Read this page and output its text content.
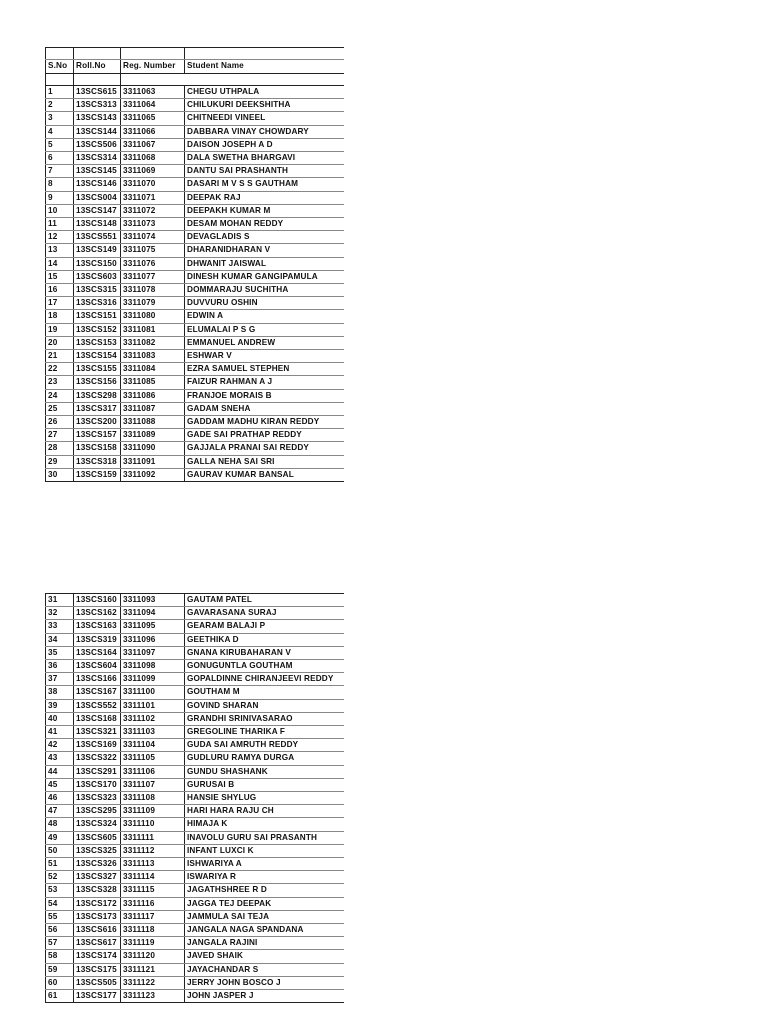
S.No	Roll.No	Reg. Number	Student Name

1	13SCS615	3311063	CHEGU UTHPALA
2	13SCS313	3311064	CHILUKURI DEEKSHITHA
3	13SCS143	3311065	CHITNEEDI VINEEL
4	13SCS144	3311066	DABBARA VINAY CHOWDARY
5	13SCS506	3311067	DAISON JOSEPH A D
6	13SCS314	3311068	DALA SWETHA BHARGAVI
7	13SCS145	3311069	DANTU SAI PRASHANTH
8	13SCS146	3311070	DASARI M V S S GAUTHAM
9	13SCS004	3311071	DEEPAK RAJ
10	13SCS147	3311072	DEEPAKH KUMAR M
11	13SCS148	3311073	DESAM MOHAN REDDY
12	13SCS551	3311074	DEVAGLADIS S
13	13SCS149	3311075	DHARANIDHARAN V
14	13SCS150	3311076	DHWANIT JAISWAL
15	13SCS603	3311077	DINESH KUMAR GANGIPAMULA
16	13SCS315	3311078	DOMMARAJU SUCHITHA
17	13SCS316	3311079	DUVVURU OSHIN
18	13SCS151	3311080	EDWIN A
19	13SCS152	3311081	ELUMALAI P S G
20	13SCS153	3311082	EMMANUEL ANDREW
21	13SCS154	3311083	ESHWAR V
22	13SCS155	3311084	EZRA SAMUEL STEPHEN
23	13SCS156	3311085	FAIZUR RAHMAN A J
24	13SCS298	3311086	FRANJOE MORAIS B
25	13SCS317	3311087	GADAM SNEHA
26	13SCS200	3311088	GADDAM MADHU KIRAN REDDY
27	13SCS157	3311089	GADE SAI PRATHAP REDDY
28	13SCS158	3311090	GAJJALA PRANAI SAI REDDY
29	13SCS318	3311091	GALLA NEHA SAI SRI
30	13SCS159	3311092	GAURAV KUMAR BANSAL
31	13SCS160	3311093	GAUTAM PATEL
32	13SCS162	3311094	GAVARASANA SURAJ
33	13SCS163	3311095	GEARAM BALAJI P
34	13SCS319	3311096	GEETHIKA D
35	13SCS164	3311097	GNANA KIRUBAHARAN V
36	13SCS604	3311098	GONUGUNTLA GOUTHAM
37	13SCS166	3311099	GOPALDINNE CHIRANJEEVI REDDY
38	13SCS167	3311100	GOUTHAM M
39	13SCS552	3311101	GOVIND SHARAN
40	13SCS168	3311102	GRANDHI SRINIVASARAO
41	13SCS321	3311103	GREGOLINE THARIKA F
42	13SCS169	3311104	GUDA SAI AMRUTH REDDY
43	13SCS322	3311105	GUDLURU RAMYA DURGA
44	13SCS291	3311106	GUNDU SHASHANK
45	13SCS170	3311107	GURUSAI B
46	13SCS323	3311108	HANSIE SHYLUG
47	13SCS295	3311109	HARI HARA RAJU CH
48	13SCS324	3311110	HIMAJA K
49	13SCS605	3311111	INAVOLU GURU SAI PRASANTH
50	13SCS325	3311112	INFANT LUXCI K
51	13SCS326	3311113	ISHWARIYA A
52	13SCS327	3311114	ISWARIYA R
53	13SCS328	3311115	JAGATHSHREE R D
54	13SCS172	3311116	JAGGA TEJ DEEPAK
55	13SCS173	3311117	JAMMULA SAI TEJA
56	13SCS616	3311118	JANGALA NAGA SPANDANA
57	13SCS617	3311119	JANGALA RAJINI
58	13SCS174	3311120	JAVED SHAIK
59	13SCS175	3311121	JAYACHANDAR S
60	13SCS505	3311122	JERRY JOHN BOSCO J
61	13SCS177	3311123	JOHN JASPER J
